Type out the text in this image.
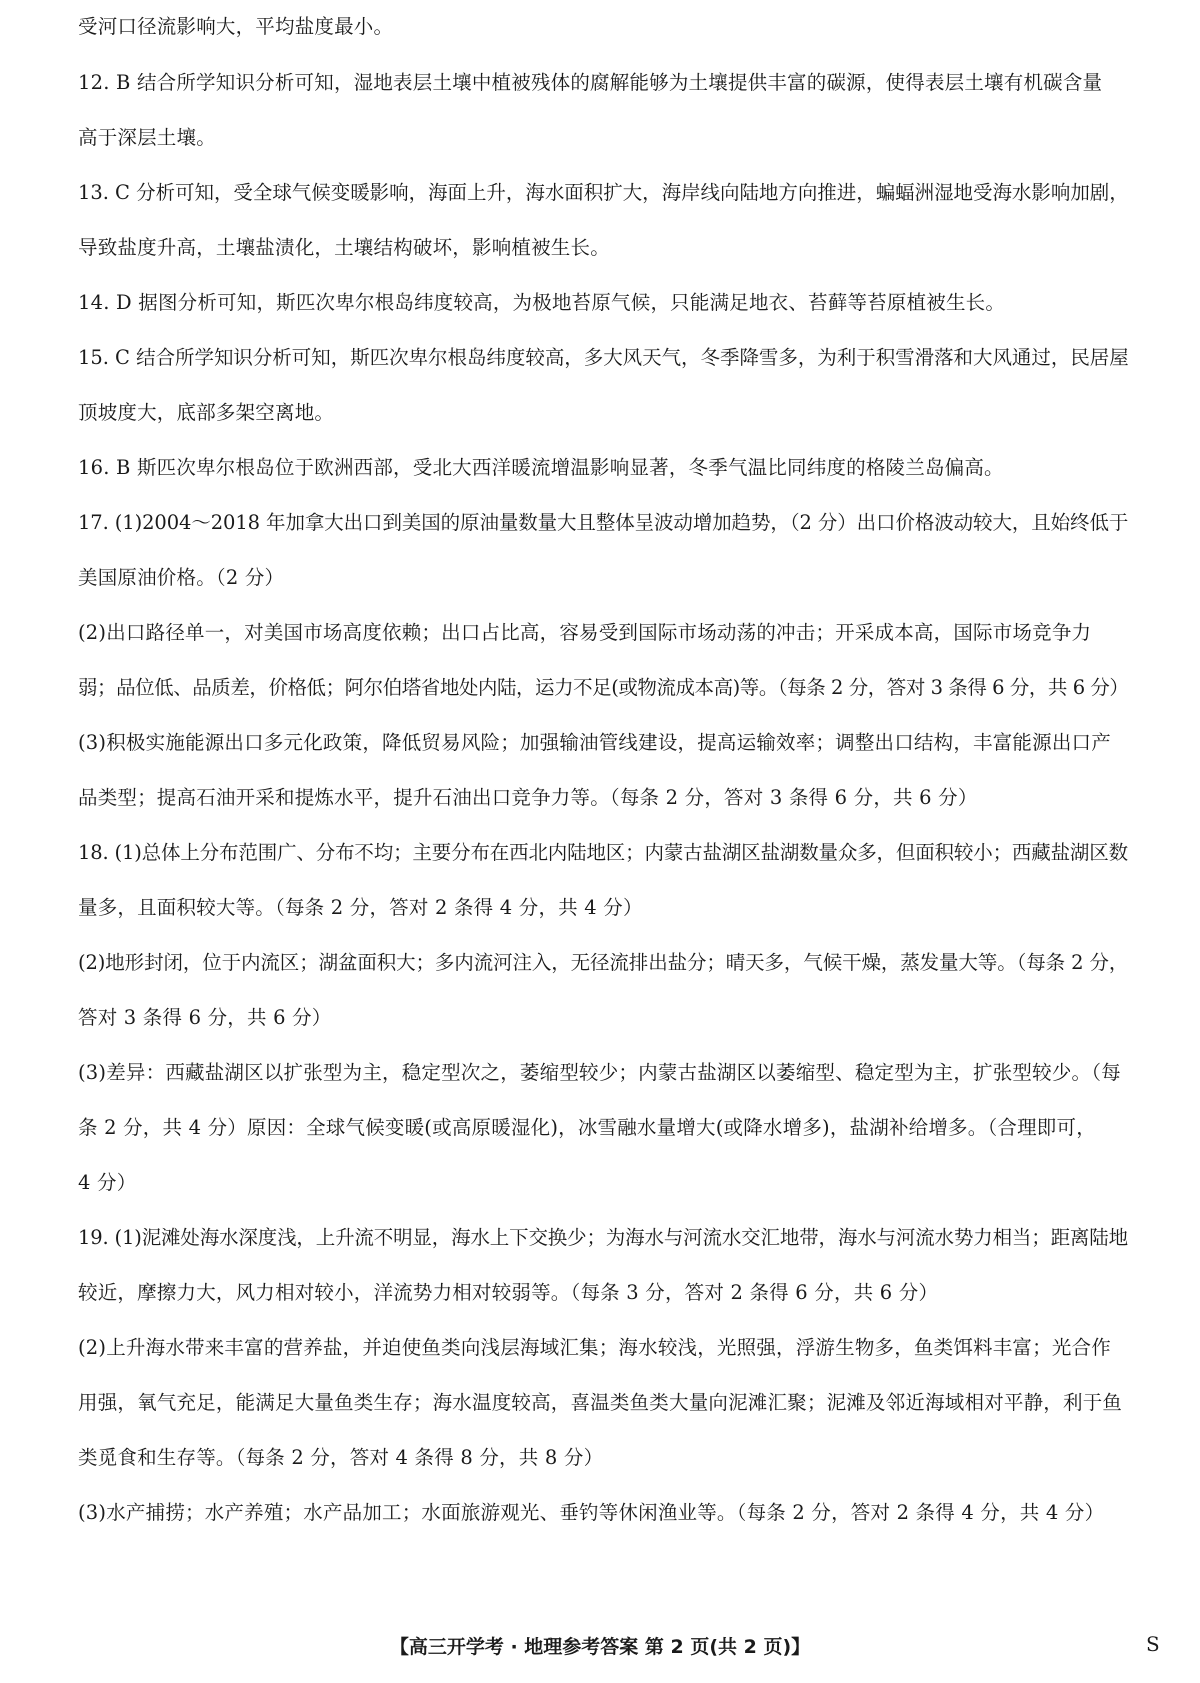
受河口径流影响大，平均盐度最小。
12. B 结合所学知识分析可知，湿地表层土壤中植被残体的腐解能够为土壤提供丰富的碳源，使得表层土壤有机碳含量
高于深层土壤。
13. C 分析可知，受全球气候变暖影响，海面上升，海水面积扩大，海岸线向陆地方向推进，蝙蝠洲湿地受海水影响加剧，
导致盐度升高，土壤盐渍化，土壤结构破坏，影响植被生长。
14. D 据图分析可知，斯匹次卑尔根岛纬度较高，为极地苔原气候，只能满足地衣、苔藓等苔原植被生长。
15. C 结合所学知识分析可知，斯匹次卑尔根岛纬度较高，多大风天气，冬季降雪多，为利于积雪滑落和大风通过，民居屋
顶坡度大，底部多架空离地。
16. B 斯匹次卑尔根岛位于欧洲西部，受北大西洋暖流增温影响显著，冬季气温比同纬度的格陵兰岛偏高。
17. (1)2004～2018 年加拿大出口到美国的原油量数量大且整体呈波动增加趋势，（2 分）出口价格波动较大，且始终低于
美国原油价格。（2 分）
(2)出口路径单一，对美国市场高度依赖；出口占比高，容易受到国际市场动荡的冲击；开采成本高，国际市场竞争力
弱；品位低、品质差，价格低；阿尔伯塔省地处内陆，运力不足(或物流成本高)等。（每条 2 分，答对 3 条得 6 分，共 6 分）
(3)积极实施能源出口多元化政策，降低贸易风险；加强输油管线建设，提高运输效率；调整出口结构，丰富能源出口产
品类型；提高石油开采和提炼水平，提升石油出口竞争力等。（每条 2 分，答对 3 条得 6 分，共 6 分）
18. (1)总体上分布范围广、分布不均；主要分布在西北内陆地区；内蒙古盐湖区盐湖数量众多，但面积较小；西藏盐湖区数
量多，且面积较大等。（每条 2 分，答对 2 条得 4 分，共 4 分）
(2)地形封闭，位于内流区；湖盆面积大；多内流河注入，无径流排出盐分；晴天多，气候干燥，蒸发量大等。（每条 2 分，
答对 3 条得 6 分，共 6 分）
(3)差异：西藏盐湖区以扩张型为主，稳定型次之，萎缩型较少；内蒙古盐湖区以萎缩型、稳定型为主，扩张型较少。（每
条 2 分，共 4 分）原因：全球气候变暖(或高原暖湿化)，冰雪融水量增大(或降水增多)，盐湖补给增多。（合理即可，
4 分）
19. (1)泥滩处海水深度浅，上升流不明显，海水上下交换少；为海水与河流水交汇地带，海水与河流水势力相当；距离陆地
较近，摩擦力大，风力相对较小，洋流势力相对较弱等。（每条 3 分，答对 2 条得 6 分，共 6 分）
(2)上升海水带来丰富的营养盐，并迫使鱼类向浅层海域汇集；海水较浅，光照强，浮游生物多，鱼类饵料丰富；光合作
用强，氧气充足，能满足大量鱼类生存；海水温度较高，喜温类鱼类大量向泥滩汇聚；泥滩及邻近海域相对平静，利于鱼
类觅食和生存等。（每条 2 分，答对 4 条得 8 分，共 8 分）
(3)水产捕捞；水产养殖；水产品加工；水面旅游观光、垂钓等休闲渔业等。（每条 2 分，答对 2 条得 4 分，共 4 分）
【高三开学考 · 地理参考答案 第 2 页(共 2 页)】	S
